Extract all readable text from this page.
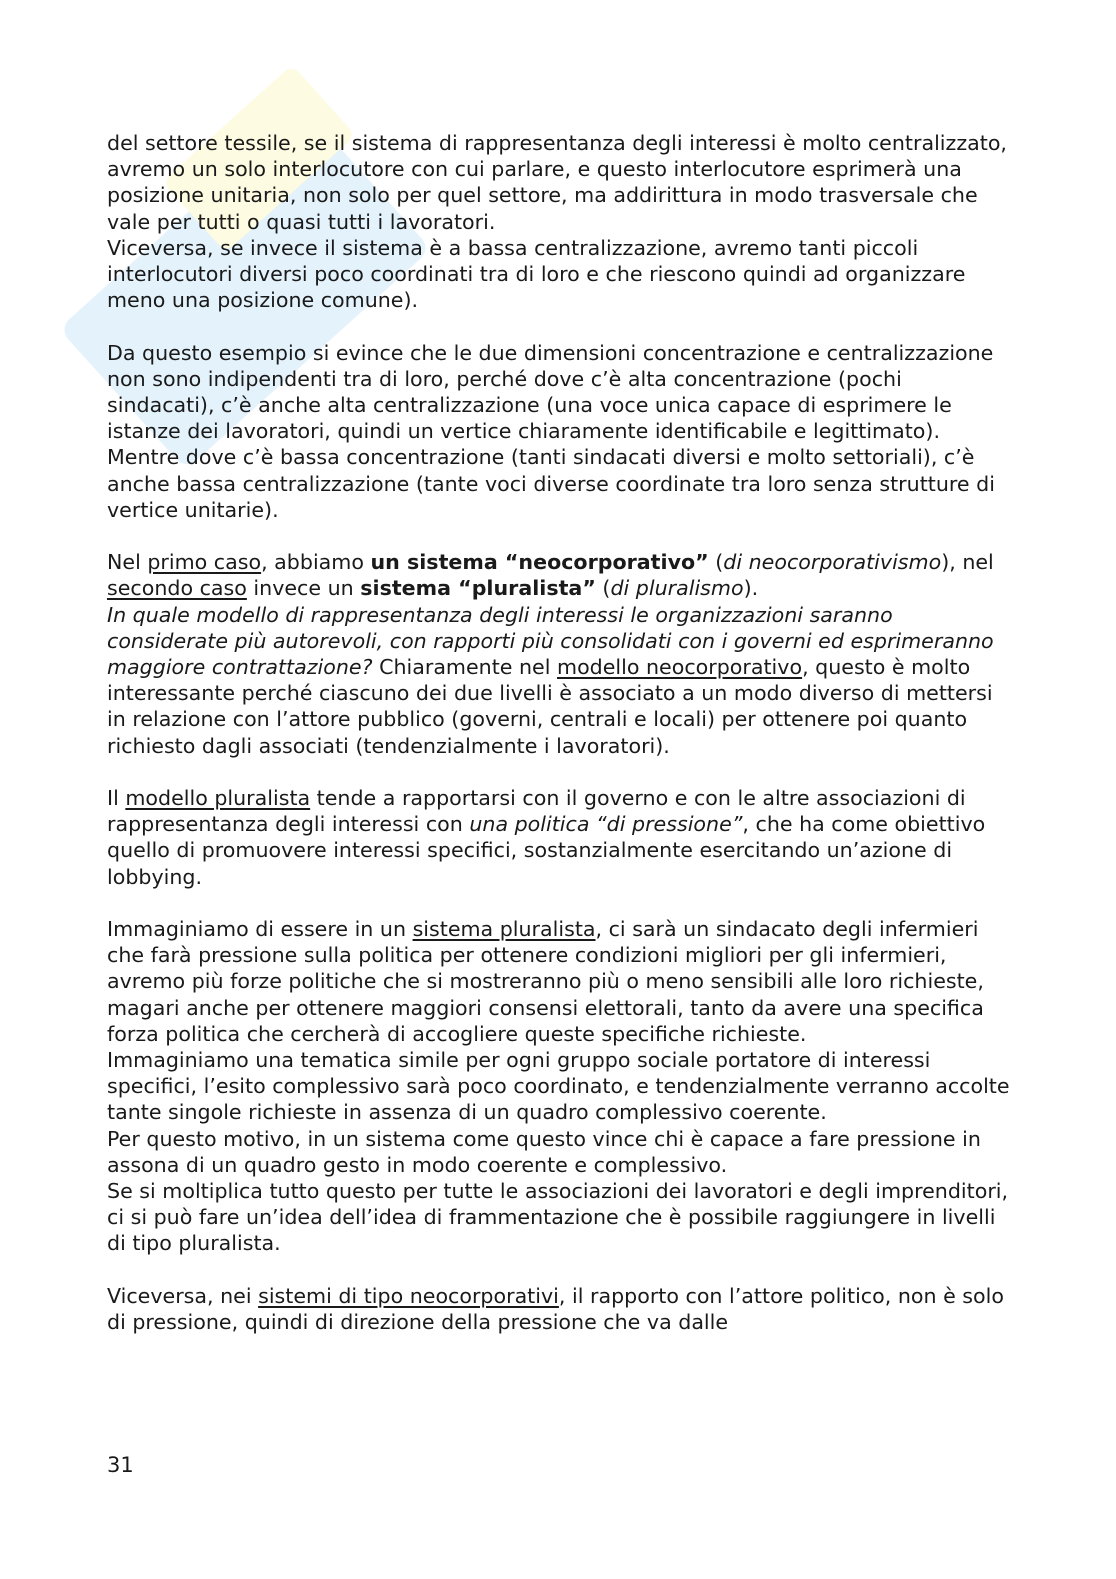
del settore tessile, se il sistema di rappresentanza degli interessi è molto centralizzato, avremo un solo interlocutore con cui parlare, e questo interlocutore esprimerà una posizione unitaria, non solo per quel settore, ma addirittura in modo trasversale che vale per tutti o quasi tutti i lavoratori.
Viceversa, se invece il sistema è a bassa centralizzazione, avremo tanti piccoli interlocutori diversi poco coordinati tra di loro e che riescono quindi ad organizzare meno una posizione comune).

Da questo esempio si evince che le due dimensioni concentrazione e centralizzazione non sono indipendenti tra di loro, perché dove c’è alta concentrazione (pochi sindacati), c’è anche alta centralizzazione (una voce unica capace di esprimere le istanze dei lavoratori, quindi un vertice chiaramente identificabile e legittimato).
Mentre dove c’è bassa concentrazione (tanti sindacati diversi e molto settoriali), c’è anche bassa centralizzazione (tante voci diverse coordinate tra loro senza strutture di vertice unitarie).

Nel primo caso, abbiamo un sistema “neocorporativo” (di neocorporativismo), nel secondo caso invece un sistema “pluralista” (di pluralismo).
In quale modello di rappresentanza degli interessi le organizzazioni saranno considerate più autorevoli, con rapporti più consolidati con i governi ed esprimeranno maggiore contrattazione? Chiaramente nel modello neocorporativo, questo è molto interessante perché ciascuno dei due livelli è associato a un modo diverso di mettersi in relazione con l’attore pubblico (governi, centrali e locali) per ottenere poi quanto richiesto dagli associati (tendenzialmente i lavoratori).

Il modello pluralista tende a rapportarsi con il governo e con le altre associazioni di rappresentanza degli interessi con una politica “di pressione”, che ha come obiettivo quello di promuovere interessi specifici, sostanzialmente esercitando un’azione di lobbying.

Immaginiamo di essere in un sistema pluralista, ci sarà un sindacato degli infermieri che farà pressione sulla politica per ottenere condizioni migliori per gli infermieri, avremo più forze politiche che si mostreranno più o meno sensibili alle loro richieste, magari anche per ottenere maggiori consensi elettorali, tanto da avere una specifica forza politica che cercherà di accogliere queste specifiche richieste.
Immaginiamo una tematica simile per ogni gruppo sociale portatore di interessi specifici, l’esito complessivo sarà poco coordinato, e tendenzialmente verranno accolte tante singole richieste in assenza di un quadro complessivo coerente.
Per questo motivo, in un sistema come questo vince chi è capace a fare pressione in assona di un quadro gesto in modo coerente e complessivo.
Se si moltiplica tutto questo per tutte le associazioni dei lavoratori e degli imprenditori, ci si può fare un’idea dell’idea di frammentazione che è possibile raggiungere in livelli di tipo pluralista.

Viceversa, nei sistemi di tipo neocorporativi, il rapporto con l’attore politico, non è solo di pressione, quindi di direzione della pressione che va dalle

31
